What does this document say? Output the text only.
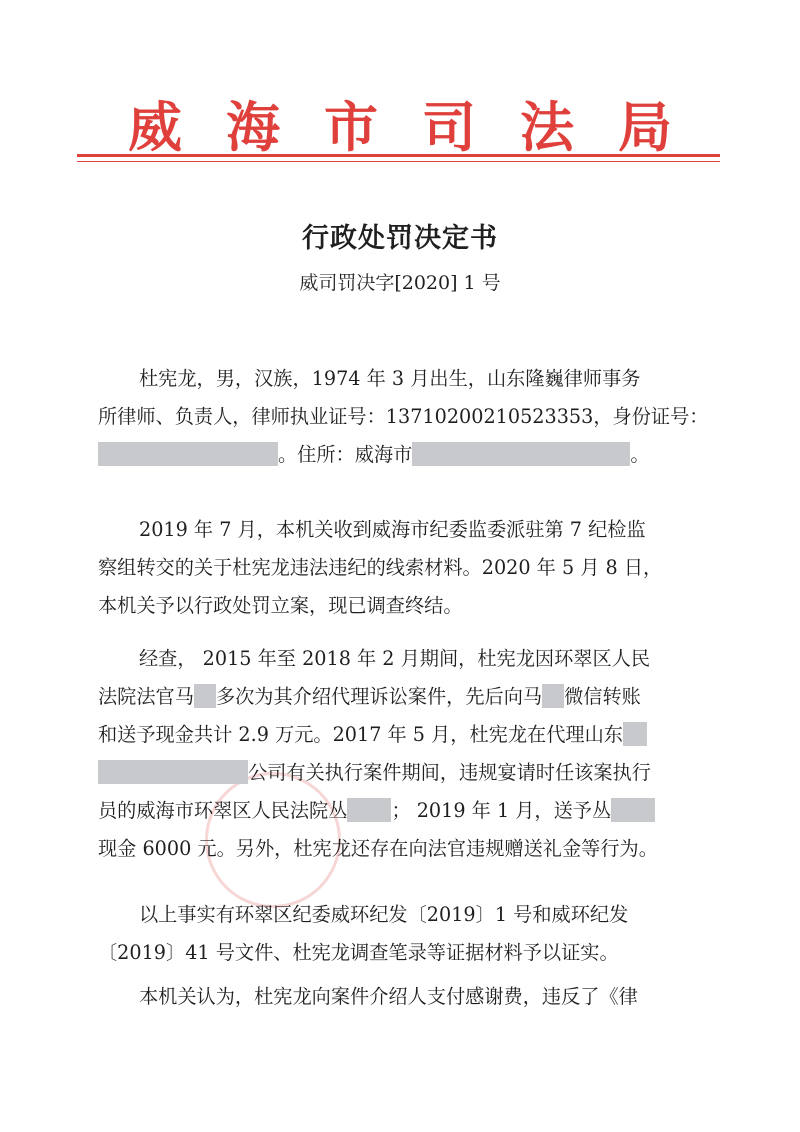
威 海 市 司 法 局
行政处罚决定书
威司罚决字[2020] 1 号
杜宪龙，男，汉族，1974 年 3 月出生，山东隆巍律师事务
所律师、负责人，律师执业证号：13710200210523353，身份证号：
。住所：威海市	。
2019 年 7 月，本机关收到威海市纪委监委派驻第 7 纪检监
察组转交的关于杜宪龙违法违纪的线索材料。2020 年 5 月 8 日，
本机关予以行政处罚立案，现已调查终结。
经查， 2015 年至 2018 年 2 月期间，杜宪龙因环翠区人民
法院法官马 多次为其介绍代理诉讼案件，先后向马 微信转账
和送予现金共计 2.9 万元。2017 年 5 月，杜宪龙在代理山东
公司有关执行案件期间，违规宴请时任该案执行
员的威海市环翠区人民法院丛 ； 2019 年 1 月，送予丛
现金 6000 元。另外，杜宪龙还存在向法官违规赠送礼金等行为。
以上事实有环翠区纪委威环纪发〔2019〕1 号和威环纪发
〔2019〕41 号文件、杜宪龙调查笔录等证据材料予以证实。
本机关认为，杜宪龙向案件介绍人支付感谢费，违反了《律
